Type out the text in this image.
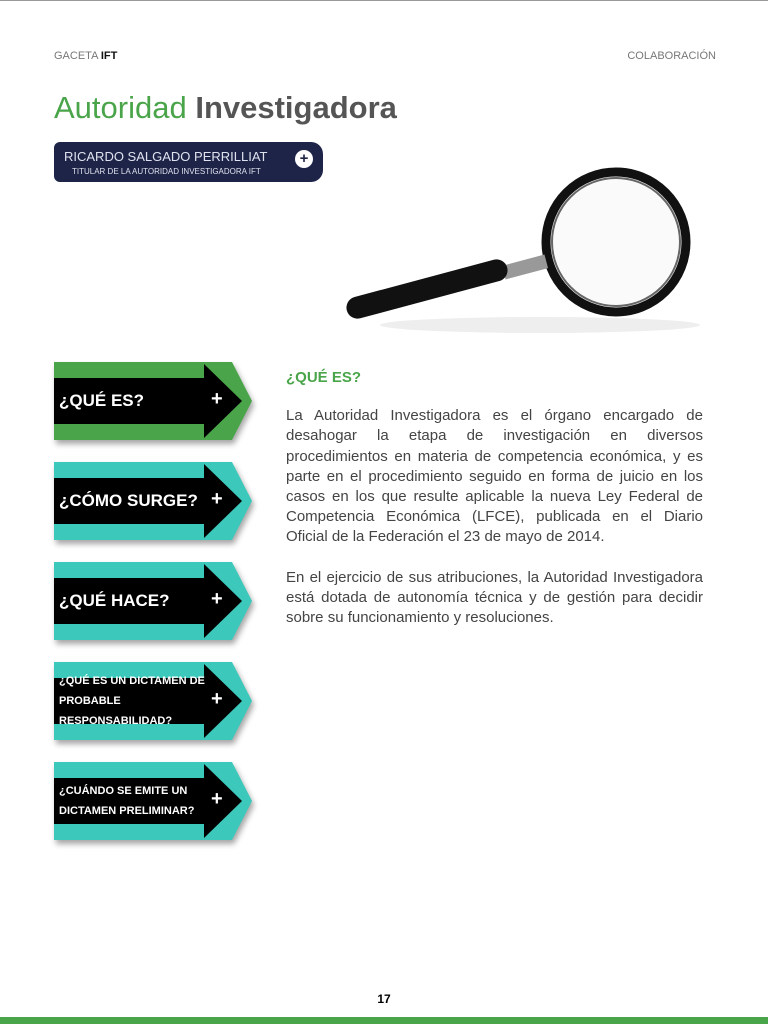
GACETA IFT	COLABORACIÓN
Autoridad Investigadora
RICARDO SALGADO PERRILLIAT
TITULAR DE LA AUTORIDAD INVESTIGADORA IFT
+
¿QUÉ ES?	+
¿CÓMO SURGE? +
¿QUÉ HACE?	+
¿QUÉ ES UN DICTAMEN DE PROBABLE RESPONSABILIDAD?
+
¿CUÁNDO SE EMITE UN DICTAMEN PRELIMINAR?
+
¿QUÉ ES?

La Autoridad Investigadora es el órgano encargado de desahogar la etapa de investigación en diversos procedimientos en materia de competencia económica, y es parte en el procedimiento seguido en forma de juicio en los casos en los que resulte aplicable la nueva Ley Federal de Competencia Económica (LFCE), publicada en el Diario Oficial de la Federación el 23 de mayo de 2014.

En el ejercicio de sus atribuciones, la Autoridad Investigadora está dotada de autonomía técnica y de gestión para decidir sobre su funcionamiento y resoluciones.

17
